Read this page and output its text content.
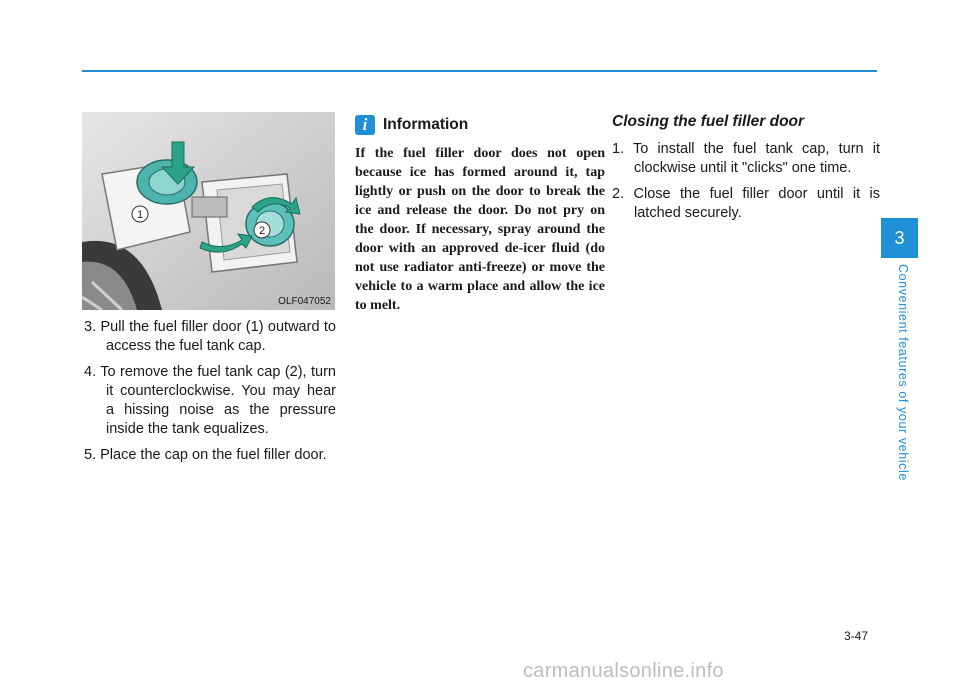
1
2
OLF047052
3. Pull the fuel filler door (1) outward to access the fuel tank cap.
4. To remove the fuel tank cap (2), turn it counterclockwise. You may hear a hissing noise as the pressure inside the tank equalizes.
5. Place the cap on the fuel filler door.
i	Information

If the fuel filler door does not open because ice has formed around it, tap lightly or push on the door to break the ice and release the door. Do not pry on the door. If necessary, spray around the door with an approved de-icer fluid (do not use radiator anti-freeze) or move the vehicle to a warm place and allow the ice to melt.

Closing the fuel filler door
1. To install the fuel tank cap, turn it clockwise until it "clicks" one time.
2. Close the fuel filler door until it is latched securely.
3
Convenient features of your vehicle
3-47
carmanualsonline.info
